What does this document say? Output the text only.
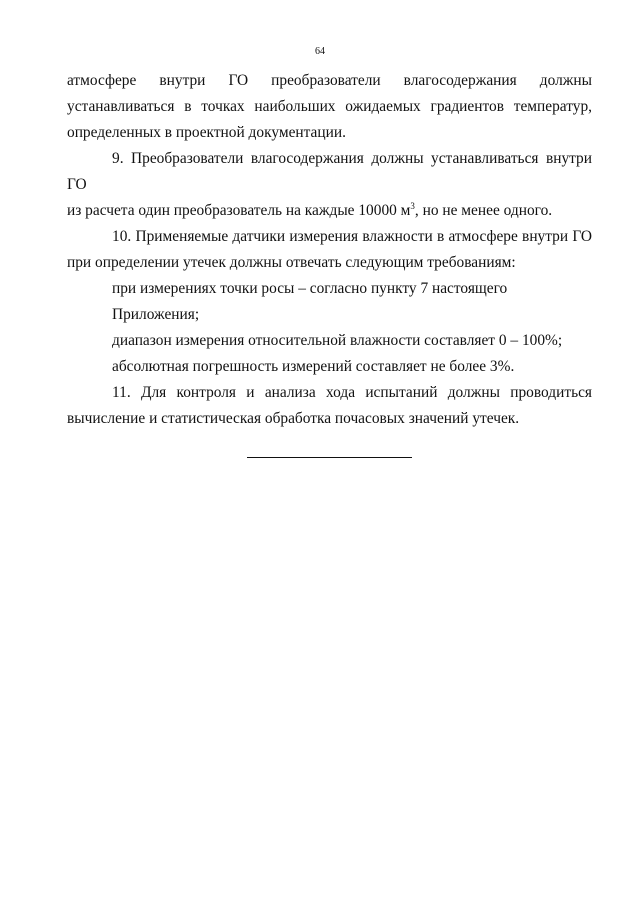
64

атмосфере внутри ГО преобразователи влагосодержания должны

устанавливаться в точках наибольших ожидаемых градиентов температур,

определенных в проектной документации.

9. Преобразователи влагосодержания должны устанавливаться внутри ГО

из расчета один преобразователь на каждые 10000 $м^3$, но не менее одного.

10. Применяемые датчики измерения влажности в атмосфере внутри ГО

при определении утечек должны отвечать следующим требованиям:

при измерениях точки росы – согласно пункту 7 настоящего Приложения;

диапазон измерения относительной влажности составляет 0 – 100%;

абсолютная погрешность измерений составляет не более 3%.

11. Для контроля и анализа хода испытаний должны проводиться

вычисление и статистическая обработка почасовых значений утечек.
